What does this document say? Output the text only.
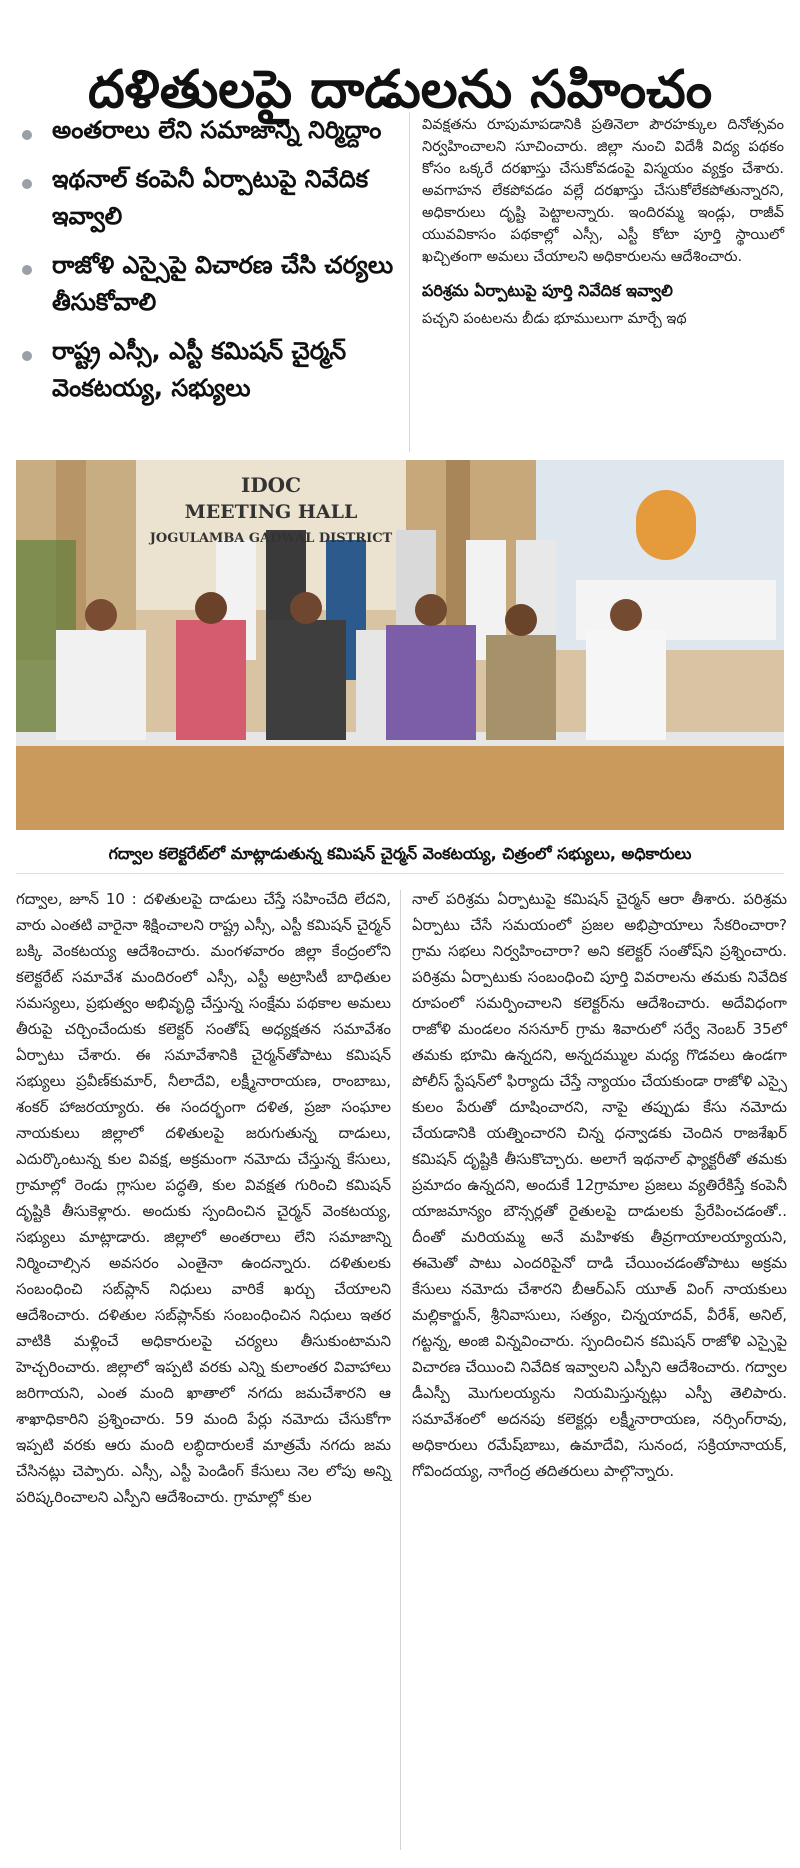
దళితులపై దాడులను సహించం
అంతరాలు లేని సమాజాన్ని నిర్మిద్దాం
ఇథనాల్ కంపెనీ ఏర్పాటుపై నివేదిక ఇవ్వాలి
రాజోళి ఎస్సైపై విచారణ చేసి చర్యలు తీసుకోవాలి
రాష్ట్ర ఎస్సీ, ఎస్టీ కమిషన్ చైర్మన్ వెంకటయ్య, సభ్యులు

వివక్షతను రూపుమాపడానికి ప్రతినెలా పౌరహక్కుల దినోత్సవం నిర్వహించాలని సూచించారు. జిల్లా నుంచి విదేశీ విద్య పథకం కోసం ఒక్కరే దరఖాస్తు చేసుకోవడంపై విస్మయం వ్యక్తం చేశారు. అవగాహన లేకపోవడం వల్లే దరఖాస్తు చేసుకోలేకపోతున్నారని, అధికారులు దృష్టి పెట్టాలన్నారు. ఇందిరమ్మ ఇండ్లు, రాజీవ్ యువవికాసం పథకాల్లో ఎస్సీ, ఎస్టీ కోటా పూర్తి స్థాయిలో ఖచ్చితంగా అమలు చేయాలని అధికారులను ఆదేశించారు.

పరిశ్రమ ఏర్పాటుపై పూర్తి నివేదిక ఇవ్వాలి

పచ్చని పంటలను బీడు భూములుగా మార్చే ఇథ

IDOC
MEETING HALL
JOGULAMBA GADWAL DISTRICT
గద్వాల కలెక్టరేట్‌లో మాట్లాడుతున్న కమిషన్ చైర్మన్ వెంకటయ్య, చిత్రంలో సభ్యులు, అధికారులు
గద్వాల, జూన్ 10 : దళితులపై దాడులు చేస్తే సహించేది లేదని, వారు ఎంతటి వారైనా శిక్షించాలని రాష్ట్ర ఎస్సీ, ఎస్టీ కమిషన్ చైర్మన్ బక్కి వెంకటయ్య ఆదేశించారు. మంగళవారం జిల్లా కేంద్రంలోని కలెక్టరేట్ సమావేశ మందిరంలో ఎస్సీ, ఎస్టీ అట్రాసిటీ బాధితుల సమస్యలు, ప్రభుత్వం అభివృద్ధి చేస్తున్న సంక్షేమ పథకాల అమలు తీరుపై చర్చించేందుకు కలెక్టర్ సంతోష్ అధ్యక్షతన సమావేశం ఏర్పాటు చేశారు. ఈ సమావేశానికి చైర్మన్‌తోపాటు కమిషన్ సభ్యులు ప్రవీణ్‌కుమార్, నీలాదేవి, లక్ష్మీనారాయణ, రాంబాబు, శంకర్ హాజరయ్యారు. ఈ సందర్భంగా దళిత, ప్రజా సంఘాల నాయకులు జిల్లాలో దళితులపై జరుగుతున్న దాడులు, ఎదుర్కొంటున్న కుల వివక్ష, అక్రమంగా నమోదు చేస్తున్న కేసులు, గ్రామాల్లో రెండు గ్లాసుల పద్ధతి, కుల వివక్షత గురించి కమిషన్ దృష్టికి తీసుకెళ్లారు. అందుకు స్పందించిన చైర్మన్ వెంకటయ్య, సభ్యులు మాట్లాడారు. జిల్లాలో అంతరాలు లేని సమాజాన్ని నిర్మించాల్సిన అవసరం ఎంతైనా ఉందన్నారు. దళితులకు సంబంధించి సబ్‌ప్లాన్ నిధులు వారికే ఖర్చు చేయాలని ఆదేశించారు. దళితుల సబ్‌ప్లాన్‌కు సంబంధించిన నిధులు ఇతర వాటికి మళ్లించే అధికారులపై చర్యలు తీసుకుంటామని హెచ్చరించారు. జిల్లాలో ఇప్పటి వరకు ఎన్ని కులాంతర వివాహాలు జరిగాయని, ఎంత మంది ఖాతాలో నగదు జమచేశారని ఆ శాఖాధికారిని ప్రశ్నించారు. 59 మంది పేర్లు నమోదు చేసుకోగా ఇప్పటి వరకు ఆరు మంది లబ్ధిదారులకే మాత్రమే నగదు జమ చేసినట్లు చెప్పారు. ఎస్సీ, ఎస్టీ పెండింగ్ కేసులు నెల లోపు అన్ని పరిష్కరించాలని ఎస్పీని ఆదేశించారు. గ్రామాల్లో కుల
నాల్ పరిశ్రమ ఏర్పాటుపై కమిషన్ చైర్మన్ ఆరా తీశారు. పరిశ్రమ ఏర్పాటు చేసే సమయంలో ప్రజల అభిప్రాయాలు సేకరించారా? గ్రామ సభలు నిర్వహించారా? అని కలెక్టర్ సంతోష్‌ని ప్రశ్నించారు. పరిశ్రమ ఏర్పాటుకు సంబంధించి పూర్తి వివరాలను తమకు నివేదిక రూపంలో సమర్పించాలని కలెక్టర్‌ను ఆదేశించారు. అదేవిధంగా రాజోళి మండలం నసనూర్ గ్రామ శివారులో సర్వే నెంబర్ 35లో తమకు భూమి ఉన్నదని, అన్నదమ్ముల మధ్య గొడవలు ఉండగా పోలీస్ స్టేషన్‌లో ఫిర్యాదు చేస్తే న్యాయం చేయకుండా రాజోళి ఎస్సై కులం పేరుతో దూషించారని, నాపై తప్పుడు కేసు నమోదు చేయడానికి యత్నించారని చిన్న ధన్వాడకు చెందిన రాజశేఖర్ కమిషన్ దృష్టికి తీసుకొచ్చారు. అలాగే ఇథనాల్ ఫ్యాక్టరీతో తమకు ప్రమాదం ఉన్నదని, అందుకే 12గ్రామాల ప్రజలు వ్యతిరేకిస్తే కంపెనీ యాజమాన్యం బౌన్సర్లతో రైతులపై దాడులకు ప్రేరేపించడంతో.. దీంతో మరియమ్మ అనే మహిళకు తీవ్రగాయాలయ్యాయని, ఈమెతో పాటు ఎందరిపైనో దాడి చేయించడంతోపాటు అక్రమ కేసులు నమోదు చేశారని బీఆర్‌ఎస్ యూత్ వింగ్ నాయకులు మల్లికార్జున్, శ్రీనివాసులు, సత్యం, చిన్నయాదవ్, వీరేశ్, అనిల్, గట్టన్న, అంజి విన్నవించారు. స్పందించిన కమిషన్ రాజోళి ఎస్సైపై విచారణ చేయించి నివేదిక ఇవ్వాలని ఎస్పీని ఆదేశించారు. గద్వాల డీఎస్పీ మొగులయ్యను నియమిస్తున్నట్లు ఎస్పీ తెలిపారు. సమావేశంలో అదనపు కలెక్టర్లు లక్ష్మీనారాయణ, నర్సింగ్‌రావు, అధికారులు రమేష్‌బాబు, ఉమాదేవి, సునంద, సక్రియానాయక్, గోవిందయ్య, నాగేంద్ర తదితరులు పాల్గొన్నారు.
